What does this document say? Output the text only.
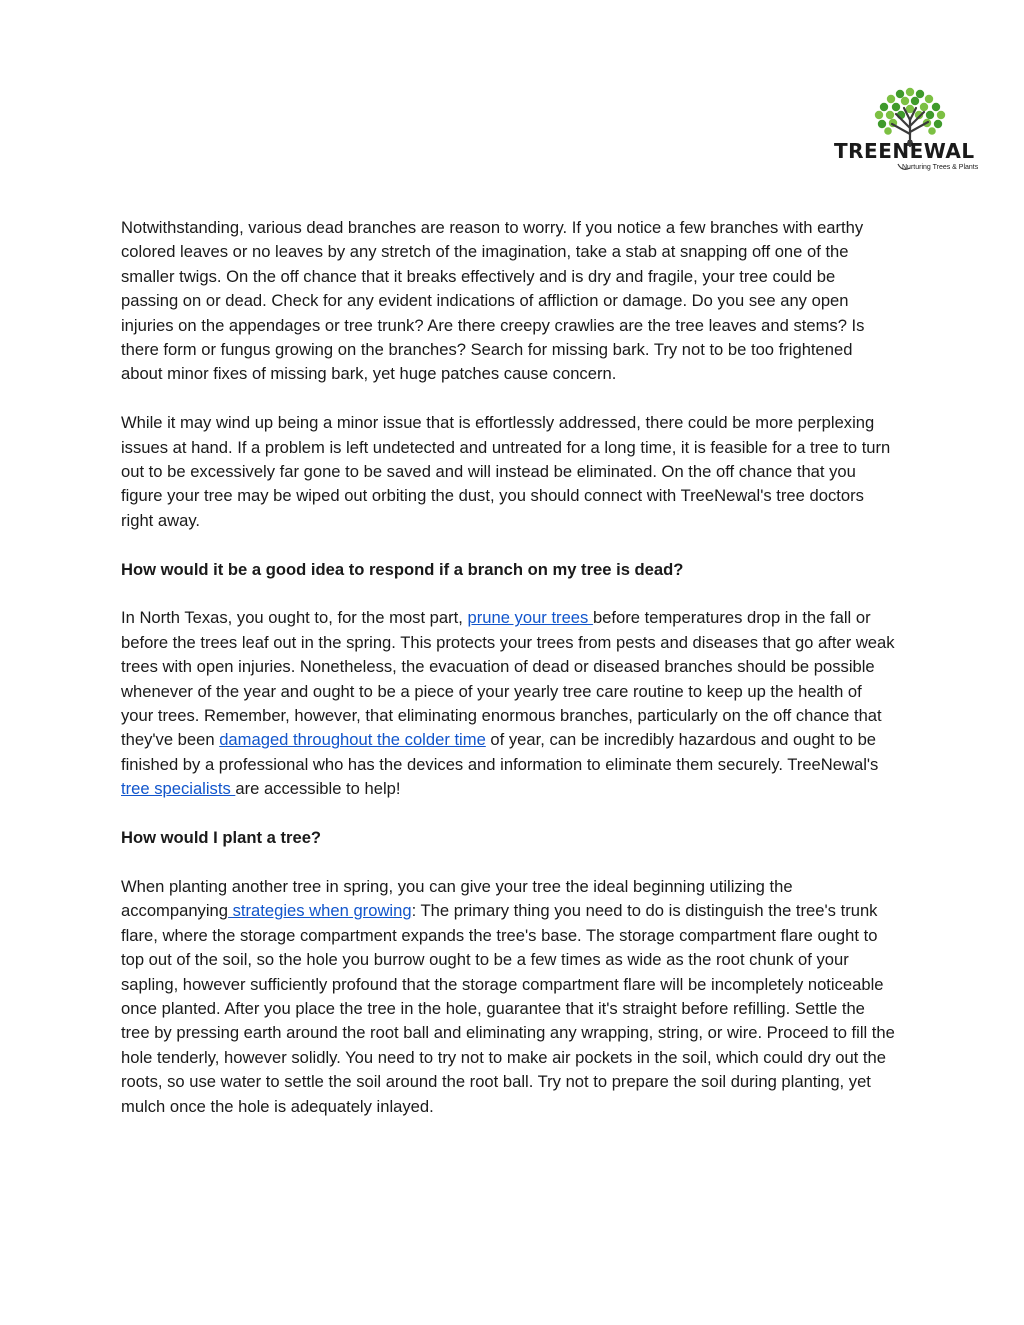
TREENEWAL
Nurturing Trees & Plants

Notwithstanding, various dead branches are reason to worry. If you notice a few branches with earthy colored leaves or no leaves by any stretch of the imagination, take a stab at snapping off one of the smaller twigs. On the off chance that it breaks effectively and is dry and fragile, your tree could be passing on or dead. Check for any evident indications of affliction or damage. Do you see any open injuries on the appendages or tree trunk? Are there creepy crawlies are the tree leaves and stems? Is there form or fungus growing on the branches? Search for missing bark. Try not to be too frightened about minor fixes of missing bark, yet huge patches cause concern.

While it may wind up being a minor issue that is effortlessly addressed, there could be more perplexing issues at hand. If a problem is left undetected and untreated for a long time, it is feasible for a tree to turn out to be excessively far gone to be saved and will instead be eliminated. On the off chance that you figure your tree may be wiped out orbiting the dust, you should connect with TreeNewal's tree doctors right away.

How would it be a good idea to respond if a branch on my tree is dead?

In North Texas, you ought to, for the most part, prune your trees before temperatures drop in the fall or before the trees leaf out in the spring. This protects your trees from pests and diseases that go after weak trees with open injuries. Nonetheless, the evacuation of dead or diseased branches should be possible whenever of the year and ought to be a piece of your yearly tree care routine to keep up the health of your trees. Remember, however, that eliminating enormous branches, particularly on the off chance that they've been damaged throughout the colder time of year, can be incredibly hazardous and ought to be finished by a professional who has the devices and information to eliminate them securely. TreeNewal's tree specialists are accessible to help!

How would I plant a tree?

When planting another tree in spring, you can give your tree the ideal beginning utilizing the accompanying strategies when growing: The primary thing you need to do is distinguish the tree's trunk flare, where the storage compartment expands the tree's base. The storage compartment flare ought to top out of the soil, so the hole you burrow ought to be a few times as wide as the root chunk of your sapling, however sufficiently profound that the storage compartment flare will be incompletely noticeable once planted. After you place the tree in the hole, guarantee that it's straight before refilling. Settle the tree by pressing earth around the root ball and eliminating any wrapping, string, or wire. Proceed to fill the hole tenderly, however solidly. You need to try not to make air pockets in the soil, which could dry out the roots, so use water to settle the soil around the root ball. Try not to prepare the soil during planting, yet mulch once the hole is adequately inlayed.
